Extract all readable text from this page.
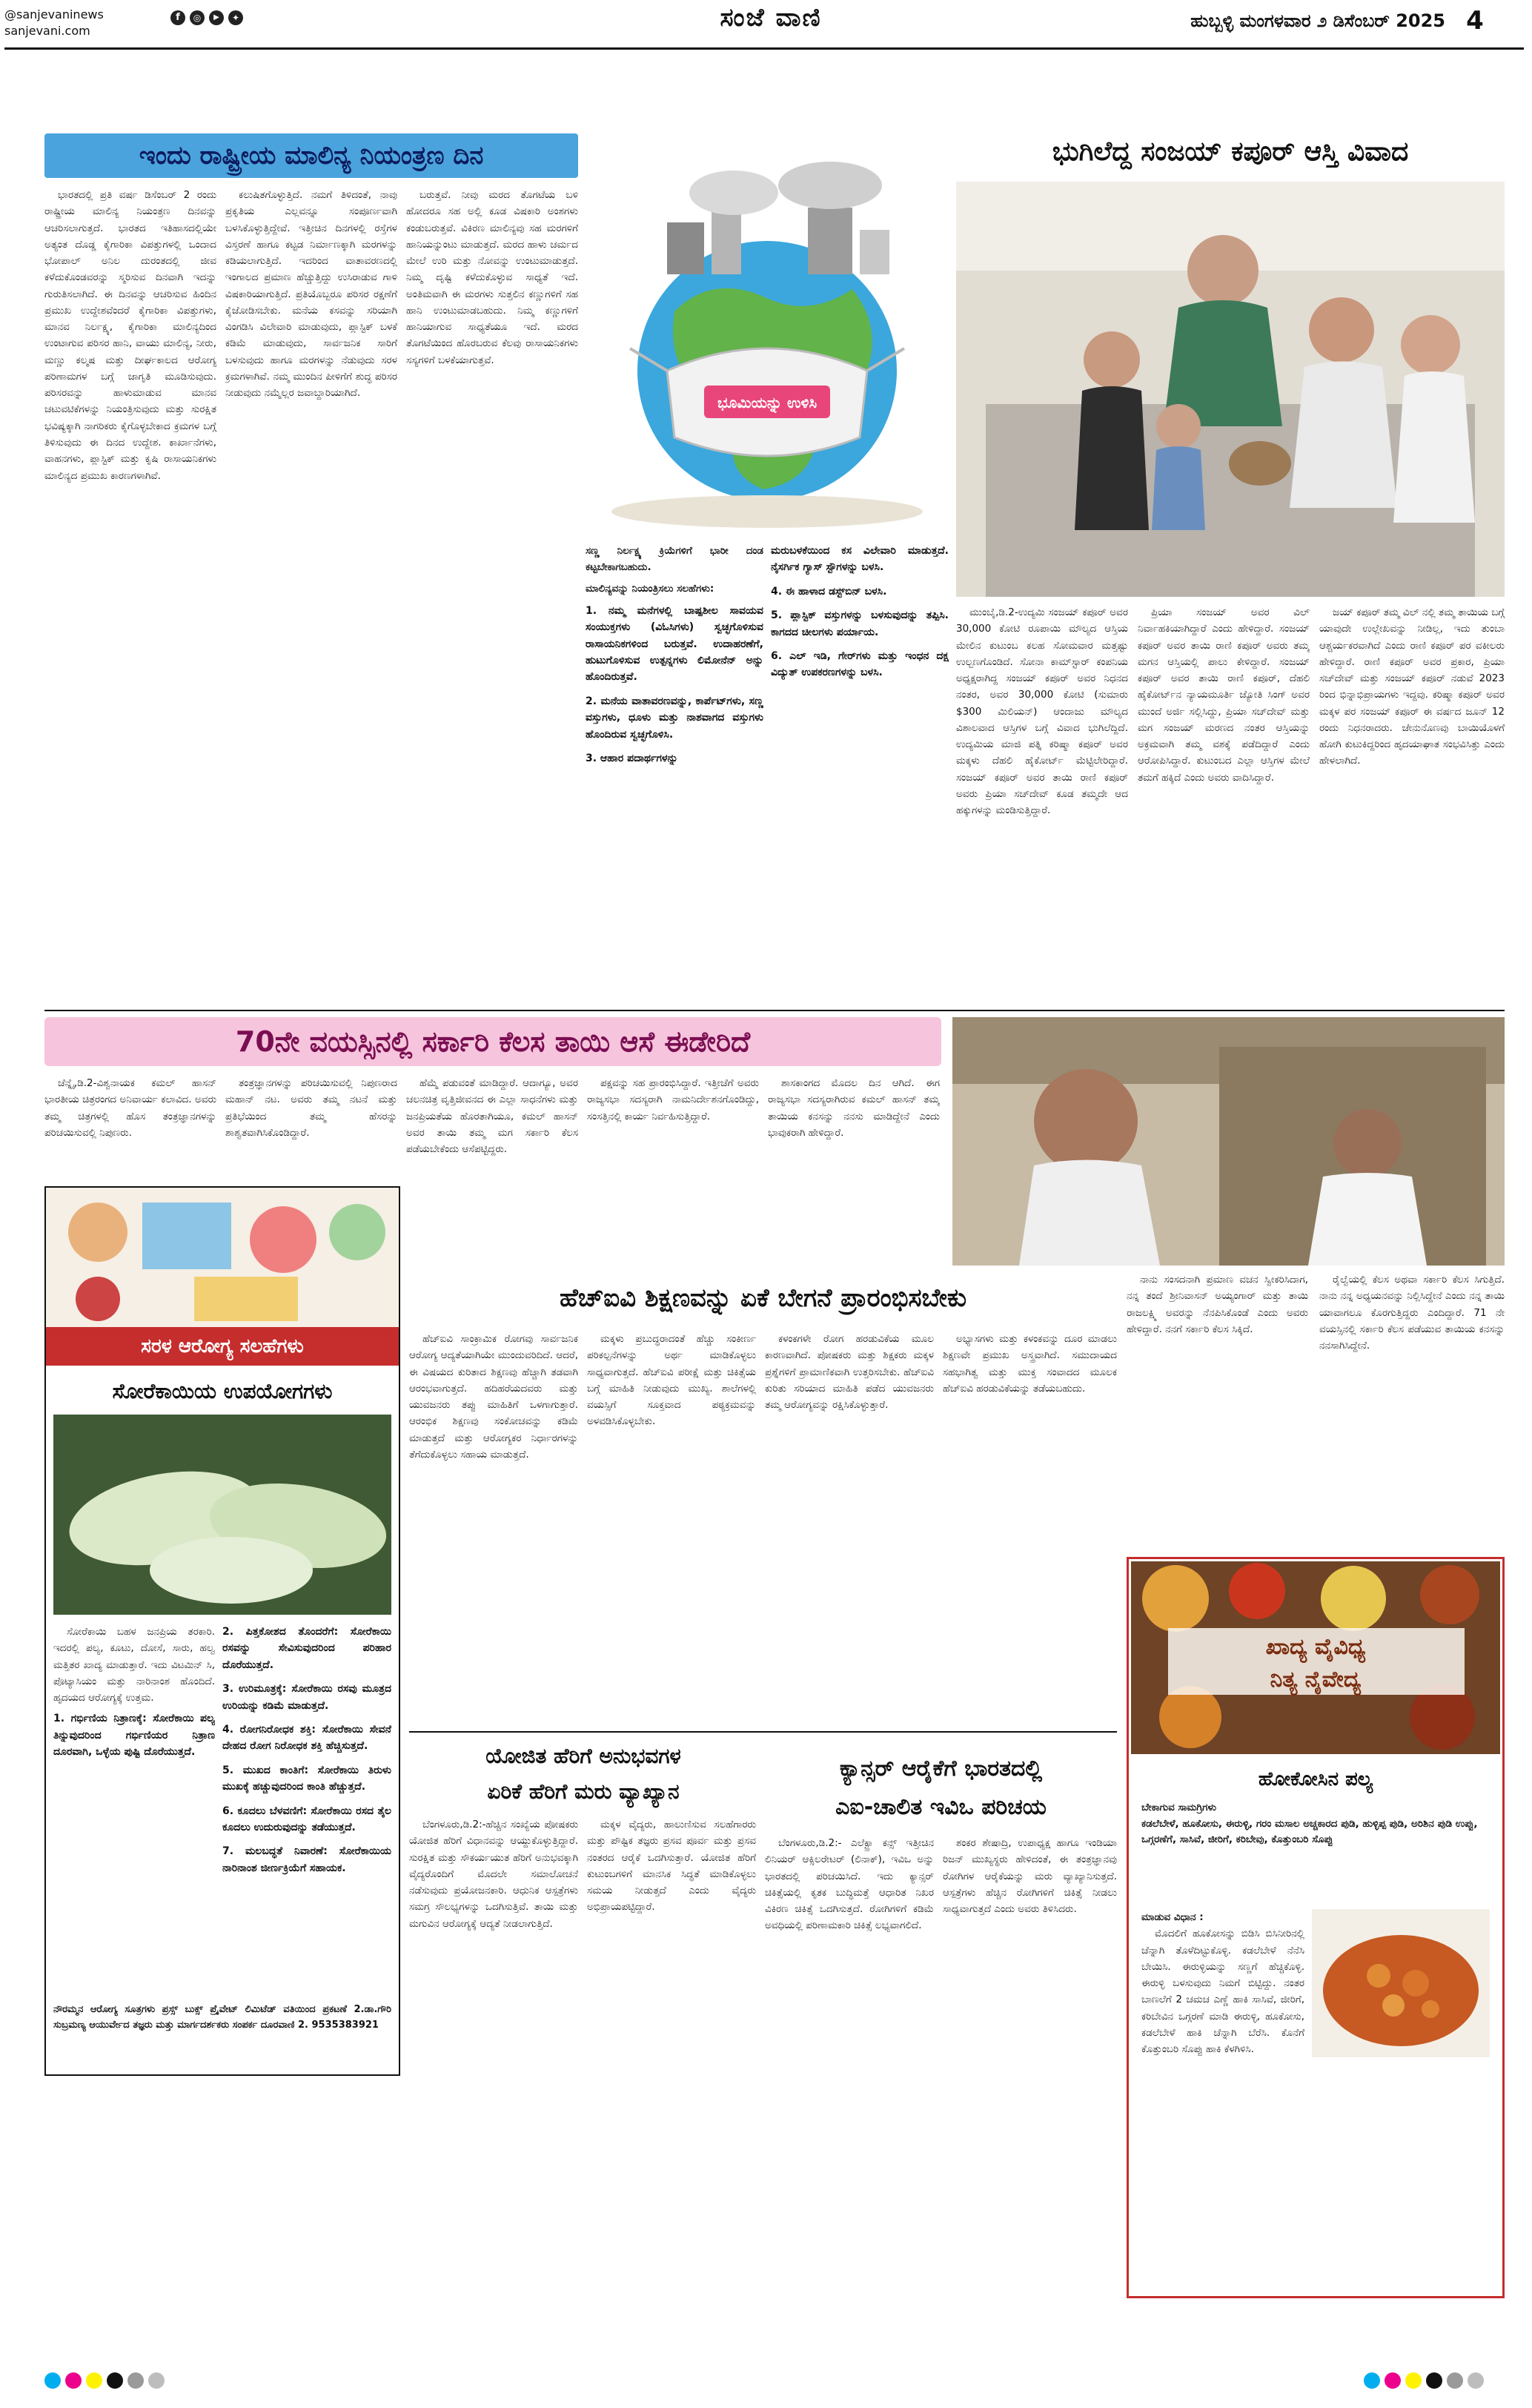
@sanjevaninews
sanjevani.com
f	◎	▶	✦	ಸಂಜೆ ವಾಣಿ	ಹುಬ್ಬಳ್ಳಿ ಮಂಗಳವಾರ ೨ ಡಿಸೆಂಬರ್ 2025 4
ಇಂದು ರಾಷ್ಟ್ರೀಯ ಮಾಲಿನ್ಯ ನಿಯಂತ್ರಣ ದಿನ

ಭಾರತದಲ್ಲಿ ಪ್ರತಿ ವರ್ಷ ಡಿಸೆಂಬರ್ 2 ರಂದು ರಾಷ್ಟ್ರೀಯ ಮಾಲಿನ್ಯ ನಿಯಂತ್ರಣ ದಿನವನ್ನು ಆಚರಿಸಲಾಗುತ್ತದೆ. ಭಾರತದ ಇತಿಹಾಸದಲ್ಲಿಯೇ ಅತ್ಯಂತ ದೊಡ್ಡ ಕೈಗಾರಿಕಾ ವಿಪತ್ತುಗಳಲ್ಲಿ ಒಂದಾದ ಭೋಪಾಲ್ ಅನಿಲ ದುರಂತದಲ್ಲಿ ಜೀವ ಕಳೆದುಕೊಂಡವರನ್ನು ಸ್ಮರಿಸುವ ದಿನವಾಗಿ ಇದನ್ನು ಗುರುತಿಸಲಾಗಿದೆ. ಈ ದಿನವನ್ನು ಆಚರಿಸುವ ಹಿಂದಿನ ಪ್ರಮುಖ ಉದ್ದೇಶವೆಂದರೆ ಕೈಗಾರಿಕಾ ವಿಪತ್ತುಗಳು, ಮಾನವ ನಿರ್ಲಕ್ಷ್ಯ, ಕೈಗಾರಿಕಾ ಮಾಲಿನ್ಯದಿಂದ ಉಂಟಾಗುವ ಪರಿಸರ ಹಾನಿ, ವಾಯು ಮಾಲಿನ್ಯ, ನೀರು, ಮಣ್ಣು ಕಲ್ಮಷ ಮತ್ತು ದೀರ್ಘಕಾಲದ ಆರೋಗ್ಯ ಪರಿಣಾಮಗಳ ಬಗ್ಗೆ ಜಾಗೃತಿ ಮೂಡಿಸುವುದು. ಪರಿಸರವನ್ನು ಹಾಳುಮಾಡುವ ಮಾನವ ಚಟುವಟಿಕೆಗಳನ್ನು ನಿಯಂತ್ರಿಸುವುದು ಮತ್ತು ಸುರಕ್ಷಿತ ಭವಿಷ್ಯಕ್ಕಾಗಿ ನಾಗರಿಕರು ಕೈಗೊಳ್ಳಬೇಕಾದ ಕ್ರಮಗಳ ಬಗ್ಗೆ ತಿಳಿಸುವುದು ಈ ದಿನದ ಉದ್ದೇಶ. ಕಾರ್ಖಾನೆಗಳು, ವಾಹನಗಳು, ಪ್ಲಾಸ್ಟಿಕ್ ಮತ್ತು ಕೃಷಿ ರಾಸಾಯನಿಕಗಳು ಮಾಲಿನ್ಯದ ಪ್ರಮುಖ ಕಾರಣಗಳಾಗಿವೆ.

ಕಲುಷಿತಗೊಳ್ಳುತ್ತಿದೆ. ನಮಗೆ ತಿಳಿದಂತೆ, ನಾವು ಪ್ರಕೃತಿಯ ಎಲ್ಲವನ್ನೂ ಸಂಪೂರ್ಣವಾಗಿ ಬಳಸಿಕೊಳ್ಳುತ್ತಿದ್ದೇವೆ. ಇತ್ತೀಚಿನ ದಿನಗಳಲ್ಲಿ ರಸ್ತೆಗಳ ವಿಸ್ತರಣೆ ಹಾಗೂ ಕಟ್ಟಡ ನಿರ್ಮಾಣಕ್ಕಾಗಿ ಮರಗಳನ್ನು ಕಡಿಯಲಾಗುತ್ತಿದೆ. ಇದರಿಂದ ವಾತಾವರಣದಲ್ಲಿ ಇಂಗಾಲದ ಪ್ರಮಾಣ ಹೆಚ್ಚುತ್ತಿದ್ದು ಉಸಿರಾಡುವ ಗಾಳಿ ವಿಷಕಾರಿಯಾಗುತ್ತಿದೆ. ಪ್ರತಿಯೊಬ್ಬರೂ ಪರಿಸರ ರಕ್ಷಣೆಗೆ ಕೈಜೋಡಿಸಬೇಕು. ಮನೆಯ ಕಸವನ್ನು ಸರಿಯಾಗಿ ವಿಂಗಡಿಸಿ ವಿಲೇವಾರಿ ಮಾಡುವುದು, ಪ್ಲಾಸ್ಟಿಕ್ ಬಳಕೆ ಕಡಿಮೆ ಮಾಡುವುದು, ಸಾರ್ವಜನಿಕ ಸಾರಿಗೆ ಬಳಸುವುದು ಹಾಗೂ ಮರಗಳನ್ನು ನೆಡುವುದು ಸರಳ ಕ್ರಮಗಳಾಗಿವೆ. ನಮ್ಮ ಮುಂದಿನ ಪೀಳಿಗೆಗೆ ಶುದ್ಧ ಪರಿಸರ ನೀಡುವುದು ನಮ್ಮೆಲ್ಲರ ಜವಾಬ್ದಾರಿಯಾಗಿದೆ.

ಬರುತ್ತವೆ. ನೀವು ಮರದ ತೊಗಟೆಯ ಬಳಿ ಹೋದರೂ ಸಹ ಅಲ್ಲಿ ಕೂಡ ವಿಷಕಾರಿ ಅಂಶಗಳು ಕಂಡುಬರುತ್ತವೆ. ವಿಕಿರಣ ಮಾಲಿನ್ಯವು ಸಹ ಮರಗಳಿಗೆ ಹಾನಿಯನ್ನುಂಟು ಮಾಡುತ್ತದೆ. ಮರದ ಹಾಳು ಚರ್ಮದ ಮೇಲೆ ಉರಿ ಮತ್ತು ನೋವನ್ನು ಉಂಟುಮಾಡುತ್ತದೆ. ನಿಮ್ಮ ದೃಷ್ಟಿ ಕಳೆದುಕೊಳ್ಳುವ ಸಾಧ್ಯತೆ ಇದೆ. ಅಂತಿಮವಾಗಿ ಈ ಮರಗಳು ಸುತ್ತಲಿನ ಕಣ್ಣುಗಳಿಗೆ ಸಹ ಹಾನಿ ಉಂಟುಮಾಡಬಹುದು. ನಿಮ್ಮ ಕಣ್ಣುಗಳಿಗೆ ಹಾನಿಯಾಗುವ ಸಾಧ್ಯತೆಯೂ ಇದೆ. ಮರದ ತೊಗಟೆಯಿಂದ ಹೊರಬರುವ ಕೆಲವು ರಾಸಾಯನಿಕಗಳು ಸಸ್ಯಗಳಿಗೆ ಬಳಕೆಯಾಗುತ್ತವೆ.

ಭೂಮಿಯನ್ನು ಉಳಿಸಿ
ಸಣ್ಣ ನಿರ್ಲಕ್ಷ್ಯ ಕ್ರಿಯೆಗಳಿಗೆ ಭಾರೀ ದಂಡ ಕಟ್ಟಬೇಕಾಗಬಹುದು.
ಮಾಲಿನ್ಯವನ್ನು ನಿಯಂತ್ರಿಸಲು ಸಲಹೆಗಳು:
1. ನಮ್ಮ ಮನೆಗಳಲ್ಲಿ ಬಾಷ್ಪಶೀಲ ಸಾವಯವ ಸಂಯುಕ್ತಗಳು (ವಿಓಸಿಗಳು) ಸ್ವಚ್ಛಗೊಳಿಸುವ ರಾಸಾಯನಿಕಗಳಿಂದ ಬರುತ್ತವೆ. ಉದಾಹರಣೆಗೆ, ಹುಟುಗೊಳಿಸುವ ಉತ್ಪನ್ನಗಳು ಲಿಮೋನೆನ್ ಅನ್ನು ಹೊಂದಿರುತ್ತವೆ.
2. ಮನೆಯ ವಾತಾವರಣವನ್ನು, ಕಾರ್ಪೆಟ್‌ಗಳು, ಸಣ್ಣ ವಸ್ತುಗಳು, ಧೂಳು ಮತ್ತು ನಾಶವಾಗದ ವಸ್ತುಗಳು ಹೊಂದಿರುವ ಸ್ವಚ್ಛಗೊಳಿಸಿ.
3. ಆಹಾರ ಪದಾರ್ಥಗಳನ್ನು
ಮರುಬಳಕೆಯಿಂದ ಕಸ ವಿಲೇವಾರಿ ಮಾಡುತ್ತದೆ. ನೈಸರ್ಗಿಕ ಗ್ಯಾಸ್ ಸ್ಟೌಗಳನ್ನು ಬಳಸಿ.
4. ಈ ಹಾಳಾದ ಡಸ್ಟ್‌ಬಿನ್ ಬಳಸಿ.
5. ಪ್ಲಾಸ್ಟಿಕ್ ವಸ್ತುಗಳನ್ನು ಬಳಸುವುದನ್ನು ತಪ್ಪಿಸಿ. ಕಾಗದದ ಚೀಲಗಳು ಪರ್ಯಾಯ.
6. ಎಲ್ ಇಡಿ, ಗೇರ್‌ಗಳು ಮತ್ತು ಇಂಧನ ದಕ್ಷ ವಿದ್ಯುತ್ ಉಪಕರಣಗಳನ್ನು ಬಳಸಿ.
ಭುಗಿಲೆದ್ದ ಸಂಜಯ್ ಕಪೂರ್ ಆಸ್ತಿ ವಿವಾದ

ಮುಂಬೈ,ಡಿ.2-ಉದ್ಯಮಿ ಸಂಜಯ್ ಕಪೂರ್ ಅವರ 30,000 ಕೋಟಿ ರೂಪಾಯಿ ಮೌಲ್ಯದ ಆಸ್ತಿಯ ಮೇಲಿನ ಕುಟುಂಬ ಕಲಹ ಸೋಮವಾರ ಮತ್ತಷ್ಟು ಉಲ್ಬಣಗೊಂಡಿದೆ. ಸೋನಾ ಕಾಮ್‌ಸ್ಟಾರ್ ಕಂಪನಿಯ ಅಧ್ಯಕ್ಷರಾಗಿದ್ದ ಸಂಜಯ್ ಕಪೂರ್ ಅವರ ನಿಧನದ ನಂತರ, ಅವರ 30,000 ಕೋಟಿ (ಸುಮಾರು $300 ಮಿಲಿಯನ್) ಆಂದಾಜು ಮೌಲ್ಯದ ವಿಶಾಲವಾದ ಆಸ್ತಿಗಳ ಬಗ್ಗೆ ವಿವಾದ ಭುಗಿಲೆದ್ದಿದೆ. ಉದ್ಯಮಿಯ ಮಾಜಿ ಪತ್ನಿ ಕರಿಷ್ಮಾ ಕಪೂರ್ ಅವರ ಮಕ್ಕಳು ದೆಹಲಿ ಹೈಕೋರ್ಟ್ ಮೆಟ್ಟಿಲೇರಿದ್ದಾರೆ. ಸಂಜಯ್ ಕಪೂರ್ ಅವರ ತಾಯಿ ರಾಣಿ ಕಪೂರ್ ಅವರು ಪ್ರಿಯಾ ಸಚ್‌ದೇವ್ ಕೂಡ ತಮ್ಮದೇ ಆದ ಹಕ್ಕುಗಳನ್ನು ಮಂಡಿಸುತ್ತಿದ್ದಾರೆ.

ಪ್ರಿಯಾ ಸಂಜಯ್ ಅವರ ವಿಲ್ ನಿರ್ವಾಹಕಿಯಾಗಿದ್ದಾರೆ ಎಂದು ಹೇಳಿದ್ದಾರೆ. ಸಂಜಯ್ ಕಪೂರ್ ಅವರ ತಾಯಿ ರಾಣಿ ಕಪೂರ್ ಅವರು ತಮ್ಮ ಮಗನ ಆಸ್ತಿಯಲ್ಲಿ ಪಾಲು ಕೇಳಿದ್ದಾರೆ. ಸಂಜಯ್ ಕಪೂರ್ ಅವರ ತಾಯಿ ರಾಣಿ ಕಪೂರ್, ದೆಹಲಿ ಹೈಕೋರ್ಟ್‌ನ ನ್ಯಾಯಮೂರ್ತಿ ಜ್ಯೋತಿ ಸಿಂಗ್ ಅವರ ಮುಂದೆ ಅರ್ಜಿ ಸಲ್ಲಿಸಿದ್ದು, ಪ್ರಿಯಾ ಸಚ್‌ದೇವ್ ಮತ್ತು ಮಗ ಸಂಜಯ್ ಮರಣದ ನಂತರ ಆಸ್ತಿಯನ್ನು ಅಕ್ರಮವಾಗಿ ತಮ್ಮ ವಶಕ್ಕೆ ಪಡೆದಿದ್ದಾರೆ ಎಂದು ಆರೋಪಿಸಿದ್ದಾರೆ. ಕುಟುಂಬದ ಎಲ್ಲಾ ಆಸ್ತಿಗಳ ಮೇಲೆ ತಮಗೆ ಹಕ್ಕಿದೆ ಎಂದು ಅವರು ವಾದಿಸಿದ್ದಾರೆ.

ಜಯ್ ಕಪೂರ್ ತಮ್ಮ ವಿಲ್ ನಲ್ಲಿ ತಮ್ಮ ತಾಯಿಯ ಬಗ್ಗೆ ಯಾವುದೇ ಉಲ್ಲೇಖವನ್ನು ನೀಡಿಲ್ಲ, ಇದು ತುಂಬಾ ಆಶ್ಚರ್ಯಕರವಾಗಿದೆ ಎಂದು ರಾಣಿ ಕಪೂರ್ ಪರ ವಕೀಲರು ಹೇಳಿದ್ದಾರೆ. ರಾಣಿ ಕಪೂರ್ ಅವರ ಪ್ರಕಾರ, ಪ್ರಿಯಾ ಸಚ್‌ದೇವ್ ಮತ್ತು ಸಂಜಯ್ ಕಪೂರ್ ನಡುವೆ 2023 ರಿಂದ ಭಿನ್ನಾಭಿಪ್ರಾಯಗಳು ಇದ್ದವು. ಕರಿಷ್ಮಾ ಕಪೂರ್ ಅವರ ಮಕ್ಕಳ ಪರ ಸಂಜಯ್ ಕಪೂರ್ ಈ ವರ್ಷದ ಜೂನ್ 12 ರಂದು ನಿಧನರಾದರು. ಜೇನುನೊಣವು ಬಾಯಿಯೊಳಗೆ ಹೋಗಿ ಕುಟುಕಿದ್ದರಿಂದ ಹೃದಯಾಘಾತ ಸಂಭವಿಸಿತ್ತು ಎಂದು ಹೇಳಲಾಗಿದೆ.

70ನೇ ವಯಸ್ಸಿನಲ್ಲಿ ಸರ್ಕಾರಿ ಕೆಲಸ ತಾಯಿ ಆಸೆ ಈಡೇರಿದೆ

ಚೆನ್ನೈ,ಡಿ.2-ವಿಶ್ವನಾಯಕ ಕಮಲ್ ಹಾಸನ್ ಭಾರತೀಯ ಚಿತ್ರರಂಗದ ಅನಿವಾರ್ಯ ಕಲಾವಿದ. ಅವರು ತಮ್ಮ ಚಿತ್ರಗಳಲ್ಲಿ ಹೊಸ ತಂತ್ರಜ್ಞಾನಗಳನ್ನು ಪರಿಚಯಿಸುವಲ್ಲಿ ನಿಪುಣರು.

ತಂತ್ರಜ್ಞಾನಗಳನ್ನು ಪರಿಚಯಿಸುವಲ್ಲಿ ನಿಪುಣರಾದ ಮಹಾನ್ ನಟ. ಅವರು ತಮ್ಮ ನಟನೆ ಮತ್ತು ಪ್ರತಿಭೆಯಿಂದ ತಮ್ಮ ಹೆಸರನ್ನು ಶಾಶ್ವತವಾಗಿಸಿಕೊಂಡಿದ್ದಾರೆ.

ಹೆಮ್ಮೆ ಪಡುವಂತೆ ಮಾಡಿದ್ದಾರೆ. ಆದಾಗ್ಯೂ, ಅವರ ಚಲನಚಿತ್ರ ವೃತ್ತಿಜೀವನದ ಈ ಎಲ್ಲಾ ಸಾಧನೆಗಳು ಮತ್ತು ಜನಪ್ರಿಯತೆಯ ಹೊರತಾಗಿಯೂ, ಕಮಲ್ ಹಾಸನ್ ಅವರ ತಾಯಿ ತಮ್ಮ ಮಗ ಸರ್ಕಾರಿ ಕೆಲಸ ಪಡೆಯಬೇಕೆಂದು ಆಸೆಪಟ್ಟಿದ್ದರು.

ಪಕ್ಷವನ್ನು ಸಹ ಪ್ರಾರಂಭಿಸಿದ್ದಾರೆ. ಇತ್ತೀಚೆಗೆ ಅವರು ರಾಜ್ಯಸಭಾ ಸದಸ್ಯರಾಗಿ ನಾಮನಿರ್ದೇಶನಗೊಂಡಿದ್ದು, ಸಂಸತ್ತಿನಲ್ಲಿ ಕಾರ್ಯ ನಿರ್ವಹಿಸುತ್ತಿದ್ದಾರೆ.

ಶಾಸಕಾಂಗದ ಮೊದಲ ದಿನ ಆಗಿದೆ. ಈಗ ರಾಜ್ಯಸಭಾ ಸದಸ್ಯರಾಗಿರುವ ಕಮಲ್ ಹಾಸನ್ ತಮ್ಮ ತಾಯಿಯ ಕನಸನ್ನು ನನಸು ಮಾಡಿದ್ದೇನೆ ಎಂದು ಭಾವುಕರಾಗಿ ಹೇಳಿದ್ದಾರೆ.

ನಾನು ಸಂಸದನಾಗಿ ಪ್ರಮಾಣ ವಚನ ಸ್ವೀಕರಿಸಿದಾಗ, ನನ್ನ ತಂದೆ ಶ್ರೀನಿವಾಸನ್ ಅಯ್ಯಂಗಾರ್ ಮತ್ತು ತಾಯಿ ರಾಜಲಕ್ಷ್ಮಿ ಅವರನ್ನು ನೆನಪಿಸಿಕೊಂಡೆ ಎಂದು ಅವರು ಹೇಳಿದ್ದಾರೆ. ನನಗೆ ಸರ್ಕಾರಿ ಕೆಲಸ ಸಿಕ್ಕಿದೆ.

ರೈಲ್ವೆಯಲ್ಲಿ ಕೆಲಸ ಅಥವಾ ಸರ್ಕಾರಿ ಕೆಲಸ ಸಿಗುತ್ತಿದೆ. ನಾನು ನನ್ನ ಅಧ್ಯಯನವನ್ನು ನಿಲ್ಲಿಸಿದ್ದೇನೆ ಎಂದು ನನ್ನ ತಾಯಿ ಯಾವಾಗಲೂ ಕೊರಗುತ್ತಿದ್ದರು ಎಂದಿದ್ದಾರೆ. 71 ನೇ ವಯಸ್ಸಿನಲ್ಲಿ ಸರ್ಕಾರಿ ಕೆಲಸ ಪಡೆಯುವ ತಾಯಿಯ ಕನಸನ್ನು ನನಸಾಗಿಸಿದ್ದೇನೆ.

ಸರಳ ಆರೋಗ್ಯ ಸಲಹೆಗಳು
ಸೋರೆಕಾಯಿಯ ಉಪಯೋಗಗಳು

ಸೋರೆಕಾಯಿ ಬಹಳ ಜನಪ್ರಿಯ ತರಕಾರಿ. ಇದರಲ್ಲಿ ಪಲ್ಯ, ಕೂಟು, ದೋಸೆ, ಸಾರು, ಹಲ್ವ ಮತ್ತಿತರ ಖಾದ್ಯ ಮಾಡುತ್ತಾರೆ. ಇದು ವಿಟಮಿನ್ ಸಿ, ಪೊಟ್ಯಾಸಿಯಂ ಮತ್ತು ನಾರಿನಾಂಶ ಹೊಂದಿದೆ. ಹೃದಯದ ಆರೋಗ್ಯಕ್ಕೆ ಉತ್ತಮ.

1. ಗರ್ಭಿಣಿಯ ನಿತ್ರಾಣಕ್ಕೆ: ಸೋರೆಕಾಯಿ ಪಲ್ಯ ತಿನ್ನುವುದರಿಂದ ಗರ್ಭಿಣಿಯರ ನಿತ್ರಾಣ ದೂರವಾಗಿ, ಒಳ್ಳೆಯ ಪುಷ್ಟಿ ದೊರೆಯುತ್ತದೆ.
2. ಪಿತ್ತಕೋಶದ ತೊಂದರೆಗೆ: ಸೋರೆಕಾಯಿ ರಸವನ್ನು ಸೇವಿಸುವುದರಿಂದ ಪರಿಹಾರ ದೊರೆಯುತ್ತದೆ.
3. ಉರಿಮೂತ್ರಕ್ಕೆ: ಸೋರೆಕಾಯಿ ರಸವು ಮೂತ್ರದ ಉರಿಯನ್ನು ಕಡಿಮೆ ಮಾಡುತ್ತದೆ.
4. ರೋಗನಿರೋಧಕ ಶಕ್ತಿ: ಸೋರೆಕಾಯಿ ಸೇವನೆ ದೇಹದ ರೋಗ ನಿರೋಧಕ ಶಕ್ತಿ ಹೆಚ್ಚಿಸುತ್ತದೆ.
5. ಮುಖದ ಕಾಂತಿಗೆ: ಸೋರೆಕಾಯಿ ತಿರುಳು ಮುಖಕ್ಕೆ ಹಚ್ಚುವುದರಿಂದ ಕಾಂತಿ ಹೆಚ್ಚುತ್ತದೆ.
6. ಕೂದಲು ಬೆಳವಣಿಗೆ: ಸೋರೆಕಾಯಿ ರಸದ ತೈಲ ಕೂದಲು ಉದುರುವುದನ್ನು ತಡೆಯುತ್ತದೆ.
7. ಮಲಬದ್ಧತೆ ನಿವಾರಣೆ: ಸೋರೆಕಾಯಿಯ ನಾರಿನಾಂಶ ಜೀರ್ಣಕ್ರಿಯೆಗೆ ಸಹಾಯಕ.
ನೌರಮ್ಮನ ಆರೋಗ್ಯ ಸೂತ್ರಗಳು ಪ್ರಸ್ಸ್ ಬುಕ್ಸ್ ಪ್ರೈವೇಟ್ ಲಿಮಿಟೆಡ್ ವತಿಯಿಂದ ಪ್ರಕಟಣೆ 2.ಡಾ.ಗೌರಿ ಸುಬ್ರಮಣ್ಯ ಆಯುರ್ವೇದ ತಜ್ಞರು ಮತ್ತು ಮಾರ್ಗದರ್ಶಕರು ಸಂಪರ್ಕ ದೂರವಾಣಿ 2. 9535383921
ಹೆಚ್ಐವಿ ಶಿಕ್ಷಣವನ್ನು ಏಕೆ ಬೇಗನೆ ಪ್ರಾರಂಭಿಸಬೇಕು

ಹೆಚ್ಐವಿ ಸಾಂಕ್ರಾಮಿಕ ರೋಗವು ಸಾರ್ವಜನಿಕ ಆರೋಗ್ಯ ಆದ್ಯತೆಯಾಗಿಯೇ ಮುಂದುವರಿದಿದೆ. ಆದರೆ, ಈ ವಿಷಯದ ಕುರಿತಾದ ಶಿಕ್ಷಣವು ಹೆಚ್ಚಾಗಿ ತಡವಾಗಿ ಆರಂಭವಾಗುತ್ತದೆ. ಹದಿಹರೆಯದವರು ಮತ್ತು ಯುವಜನರು ತಪ್ಪು ಮಾಹಿತಿಗೆ ಒಳಗಾಗುತ್ತಾರೆ. ಆರಂಭಿಕ ಶಿಕ್ಷಣವು ಸಂಕೋಚವನ್ನು ಕಡಿಮೆ ಮಾಡುತ್ತದೆ ಮತ್ತು ಆರೋಗ್ಯಕರ ನಿರ್ಧಾರಗಳನ್ನು ತೆಗೆದುಕೊಳ್ಳಲು ಸಹಾಯ ಮಾಡುತ್ತದೆ.

ಮಕ್ಕಳು ಪ್ರಬುದ್ಧರಾದಂತೆ ಹೆಚ್ಚು ಸಂಕೀರ್ಣ ಪರಿಕಲ್ಪನೆಗಳನ್ನು ಅರ್ಥ ಮಾಡಿಕೊಳ್ಳಲು ಸಾಧ್ಯವಾಗುತ್ತದೆ. ಹೆಚ್‌ಐವಿ ಪರೀಕ್ಷೆ ಮತ್ತು ಚಿಕಿತ್ಸೆಯ ಬಗ್ಗೆ ಮಾಹಿತಿ ನೀಡುವುದು ಮುಖ್ಯ. ಶಾಲೆಗಳಲ್ಲಿ ವಯಸ್ಸಿಗೆ ಸೂಕ್ತವಾದ ಪಠ್ಯಕ್ರಮವನ್ನು ಅಳವಡಿಸಿಕೊಳ್ಳಬೇಕು.

ಕಳಂಕಗಳೇ ರೋಗ ಹರಡುವಿಕೆಯ ಮೂಲ ಕಾರಣವಾಗಿದೆ. ಪೋಷಕರು ಮತ್ತು ಶಿಕ್ಷಕರು ಮಕ್ಕಳ ಪ್ರಶ್ನೆಗಳಿಗೆ ಪ್ರಾಮಾಣಿಕವಾಗಿ ಉತ್ತರಿಸಬೇಕು. ಹೆಚ್ಐವಿ ಕುರಿತು ಸರಿಯಾದ ಮಾಹಿತಿ ಪಡೆದ ಯುವಜನರು ತಮ್ಮ ಆರೋಗ್ಯವನ್ನು ರಕ್ಷಿಸಿಕೊಳ್ಳುತ್ತಾರೆ.

ಅಭ್ಯಾಸಗಳು ಮತ್ತು ಕಳಂಕವನ್ನು ದೂರ ಮಾಡಲು ಶಿಕ್ಷಣವೇ ಪ್ರಮುಖ ಅಸ್ತ್ರವಾಗಿದೆ. ಸಮುದಾಯದ ಸಹಭಾಗಿತ್ವ ಮತ್ತು ಮುಕ್ತ ಸಂವಾದದ ಮೂಲಕ ಹೆಚ್ಐವಿ ಹರಡುವಿಕೆಯನ್ನು ತಡೆಯಬಹುದು.

ಯೋಜಿತ ಹೆರಿಗೆ ಅನುಭವಗಳ
ಏರಿಕೆ ಹೆರಿಗೆ ಮರು ವ್ಯಾಖ್ಯಾನ

ಬೆಂಗಳೂರು,ಡಿ.2:-ಹೆಚ್ಚಿನ ಸಂಖ್ಯೆಯ ಪೋಷಕರು ಯೋಜಿತ ಹೆರಿಗೆ ವಿಧಾನವನ್ನು ಆಯ್ದುಕೊಳ್ಳುತ್ತಿದ್ದಾರೆ. ಸುರಕ್ಷಿತ ಮತ್ತು ಸೌಕರ್ಯಯುತ ಹೆರಿಗೆ ಅನುಭವಕ್ಕಾಗಿ ವೈದ್ಯರೊಂದಿಗೆ ಮೊದಲೇ ಸಮಾಲೋಚನೆ ನಡೆಸುವುದು ಪ್ರಯೋಜನಕಾರಿ. ಆಧುನಿಕ ಆಸ್ಪತ್ರೆಗಳು ಸಮಗ್ರ ಸೌಲಭ್ಯಗಳನ್ನು ಒದಗಿಸುತ್ತಿವೆ. ತಾಯಿ ಮತ್ತು ಮಗುವಿನ ಆರೋಗ್ಯಕ್ಕೆ ಆದ್ಯತೆ ನೀಡಲಾಗುತ್ತಿದೆ.

ಮಕ್ಕಳ ವೈದ್ಯರು, ಹಾಲುಣಿಸುವ ಸಲಹೆಗಾರರು ಮತ್ತು ಪೌಷ್ಟಿಕ ತಜ್ಞರು ಪ್ರಸವ ಪೂರ್ವ ಮತ್ತು ಪ್ರಸವ ನಂತರದ ಆರೈಕೆ ಒದಗಿಸುತ್ತಾರೆ. ಯೋಜಿತ ಹೆರಿಗೆ ಕುಟುಂಬಗಳಿಗೆ ಮಾನಸಿಕ ಸಿದ್ಧತೆ ಮಾಡಿಕೊಳ್ಳಲು ಸಮಯ ನೀಡುತ್ತದೆ ಎಂದು ವೈದ್ಯರು ಅಭಿಪ್ರಾಯಪಟ್ಟಿದ್ದಾರೆ.

ಕ್ಯಾನ್ಸರ್ ಆರೈಕೆಗೆ ಭಾರತದಲ್ಲಿ
ಎಐ-ಚಾಲಿತ ಇವಿಒ ಪರಿಚಯ

ಬೆಂಗಳೂರು,ಡಿ.2:- ಎಲೆಕ್ಟ್ರಾ ಕನ್ಸ್ ಇತ್ತೀಚಿನ ಲಿನಿಯರ್ ಆಕ್ಸಿಲರೇಟರ್ (ಲಿನಾಕ್), ಇವಿಒ ಅನ್ನು ಭಾರತದಲ್ಲಿ ಪರಿಚಯಿಸಿದೆ. ಇದು ಕ್ಯಾನ್ಸರ್ ಚಿಕಿತ್ಸೆಯಲ್ಲಿ ಕೃತಕ ಬುದ್ಧಿಮತ್ತೆ ಆಧಾರಿತ ನಿಖರ ವಿಕಿರಣ ಚಿಕಿತ್ಸೆ ಒದಗಿಸುತ್ತದೆ. ರೋಗಿಗಳಿಗೆ ಕಡಿಮೆ ಅವಧಿಯಲ್ಲಿ ಪರಿಣಾಮಕಾರಿ ಚಿಕಿತ್ಸೆ ಲಭ್ಯವಾಗಲಿದೆ.

ಶಂಕರ ಶೇಷಾದ್ರಿ, ಉಪಾಧ್ಯಕ್ಷ ಹಾಗೂ ಇಂಡಿಯಾ ರಿಜನ್ ಮುಖ್ಯಸ್ಥರು ಹೇಳಿದಂತೆ, ಈ ತಂತ್ರಜ್ಞಾನವು ರೋಗಿಗಳ ಆರೈಕೆಯನ್ನು ಮರು ವ್ಯಾಖ್ಯಾನಿಸುತ್ತದೆ. ಆಸ್ಪತ್ರೆಗಳು ಹೆಚ್ಚಿನ ರೋಗಿಗಳಿಗೆ ಚಿಕಿತ್ಸೆ ನೀಡಲು ಸಾಧ್ಯವಾಗುತ್ತದೆ ಎಂದು ಅವರು ತಿಳಿಸಿದರು.

ಖಾದ್ಯ ವೈವಿಧ್ಯ
ನಿತ್ಯ ನೈವೇದ್ಯ
ಹೋಕೋಸಿನ ಪಲ್ಯ
ಬೇಕಾಗುವ ಸಾಮಗ್ರಿಗಳು
ಕಡಲೆಬೇಳೆ, ಹೂಕೋಸು, ಈರುಳ್ಳಿ, ಗರಂ ಮಸಾಲ ಅಚ್ಚಕಾರದ ಪುಡಿ, ಹುಳ್ಳಿಪ್ಪ ಪುಡಿ, ಅರಿಶಿನ ಪುಡಿ ಉಪ್ಪು, ಒಗ್ಗರಣೆಗೆ, ಸಾಸಿವೆ, ಜೀರಿಗೆ, ಕರಿಬೇವು, ಕೊತ್ತುಂಬರಿ ಸೊಪ್ಪು
ಮಾಡುವ ವಿಧಾನ :

ಮೊದಲಿಗೆ ಹೂಕೋಸನ್ನು ಬಿಡಿಸಿ ಬಿಸಿನೀರಿನಲ್ಲಿ ಚೆನ್ನಾಗಿ ತೊಳೆದಿಟ್ಟುಕೊಳ್ಳಿ. ಕಡಲೆಬೇಳೆ ನೆನೆಸಿ ಬೇಯಿಸಿ. ಈರುಳ್ಳಿಯನ್ನು ಸಣ್ಣಗೆ ಹೆಚ್ಚಿಕೊಳ್ಳಿ. ಈರುಳ್ಳಿ ಬಳಸುವುದು ನಿಮಗೆ ಬಿಟ್ಟಿದ್ದು. ನಂತರ ಬಾಣಲೆಗೆ 2 ಚಮಚ ಎಣ್ಣೆ ಹಾಕಿ ಸಾಸಿವೆ, ಜೀರಿಗೆ, ಕರಿಬೇವಿನ ಒಗ್ಗರಣೆ ಮಾಡಿ ಈರುಳ್ಳಿ, ಹೂಕೋಸು, ಕಡಲೆಬೇಳೆ ಹಾಕಿ ಚೆನ್ನಾಗಿ ಬೆರೆಸಿ. ಕೊನೆಗೆ ಕೊತ್ತುಂಬರಿ ಸೊಪ್ಪು ಹಾಕಿ ಕೆಳಗಿಳಿಸಿ.
